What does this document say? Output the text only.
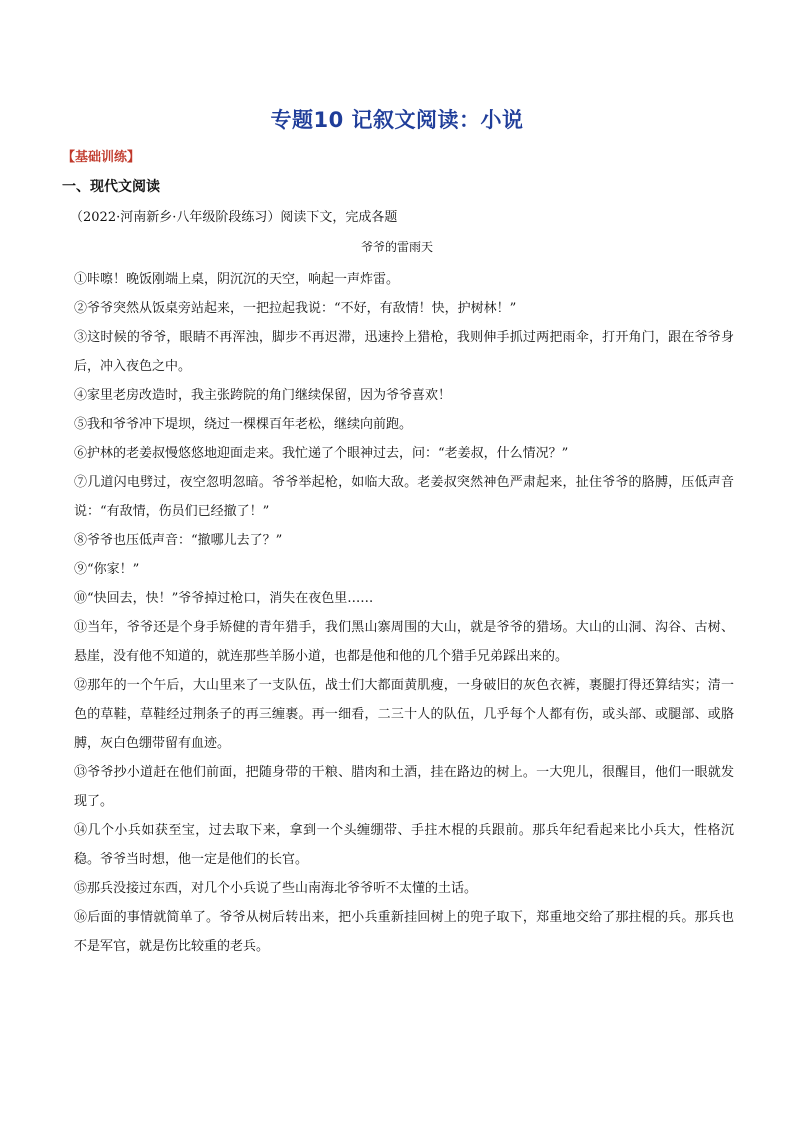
专题10 记叙文阅读：小说
【基础训练】
一、现代文阅读
（2022·河南新乡·八年级阶段练习）阅读下文，完成各题
爷爷的雷雨天

①咔嚓！晚饭刚端上桌，阴沉沉的天空，响起一声炸雷。

②爷爷突然从饭桌旁站起来，一把拉起我说：“不好，有敌情！快，护树林！”

③这时候的爷爷，眼睛不再浑浊，脚步不再迟滞，迅速拎上猎枪，我则伸手抓过两把雨伞，打开角门，跟在爷爷身后，冲入夜色之中。

④家里老房改造时，我主张跨院的角门继续保留，因为爷爷喜欢！

⑤我和爷爷冲下堤坝，绕过一棵棵百年老松，继续向前跑。

⑥护林的老姜叔慢悠悠地迎面走来。我忙递了个眼神过去，问：“老姜叔，什么情况？”

⑦几道闪电劈过，夜空忽明忽暗。爷爷举起枪，如临大敌。老姜叔突然神色严肃起来，扯住爷爷的胳膊，压低声音说：“有敌情，伤员们已经撤了！”

⑧爷爷也压低声音：“撤哪儿去了？”

⑨“你家！”

⑩“快回去，快！”爷爷掉过枪口，消失在夜色里……

⑪当年，爷爷还是个身手矫健的青年猎手，我们黑山寨周围的大山，就是爷爷的猎场。大山的山洞、沟谷、古树、悬崖，没有他不知道的，就连那些羊肠小道，也都是他和他的几个猎手兄弟踩出来的。

⑫那年的一个午后，大山里来了一支队伍，战士们大都面黄肌瘦，一身破旧的灰色衣裤，裹腿打得还算结实；清一色的草鞋，草鞋经过荆条子的再三缠裹。再一细看，二三十人的队伍，几乎每个人都有伤，或头部、或腿部、或胳膊，灰白色绷带留有血迹。

⑬爷爷抄小道赶在他们前面，把随身带的干粮、腊肉和土酒，挂在路边的树上。一大兜儿，很醒目，他们一眼就发现了。

⑭几个小兵如获至宝，过去取下来，拿到一个头缠绷带、手拄木棍的兵跟前。那兵年纪看起来比小兵大，性格沉稳。爷爷当时想，他一定是他们的长官。

⑮那兵没接过东西，对几个小兵说了些山南海北爷爷听不太懂的土话。

⑯后面的事情就简单了。爷爷从树后转出来，把小兵重新挂回树上的兜子取下，郑重地交给了那拄棍的兵。那兵也不是军官，就是伤比较重的老兵。
